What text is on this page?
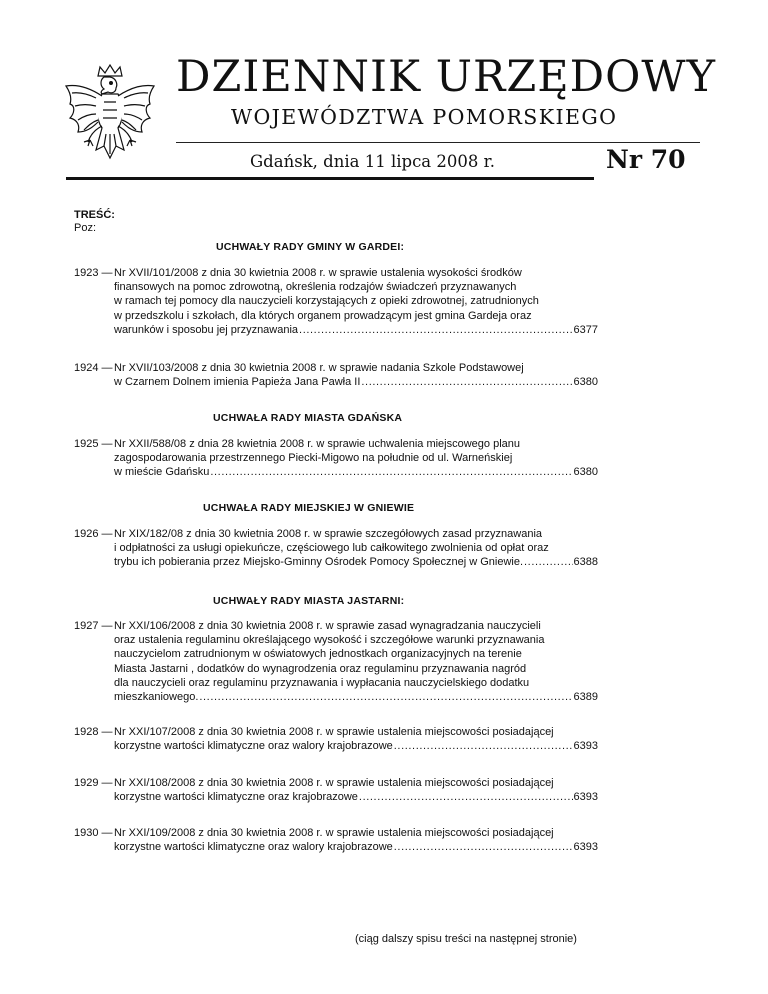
DZIENNIK URZĘDOWY
WOJEWÓDZTWA POMORSKIEGO
Gdańsk, dnia 11 lipca 2008 r.	Nr 70
TREŚĆ:
Poz:
UCHWAŁY RADY GMINY W GARDEI:
1923 — Nr XVII/101/2008 z dnia 30 kwietnia 2008 r. w sprawie ustalenia wysokości środków
finansowych na pomoc zdrowotną, określenia rodzajów świadczeń przyznawanych
w ramach tej pomocy dla nauczycieli korzystających z opieki zdrowotnej, zatrudnionych
w przedszkolu i szkołach, dla których organem prowadzącym jest gmina Gardeja oraz
warunków i sposobu jej przyznawania .....	6377
1924 — Nr XVII/103/2008 z dnia 30 kwietnia 2008 r. w sprawie nadania Szkole Podstawowej
w Czarnem Dolnem imienia Papieża Jana Pawła II .....	6380
UCHWAŁA RADY MIASTA GDAŃSKA
1925 — Nr XXII/588/08 z dnia 28 kwietnia 2008 r. w sprawie uchwalenia miejscowego planu
zagospodarowania przestrzennego Piecki-Migowo na południe od ul. Warneńskiej
w mieście Gdańsku .....	6380
UCHWAŁA RADY MIEJSKIEJ W GNIEWIE
1926 — Nr XIX/182/08 z dnia 30 kwietnia 2008 r. w sprawie szczegółowych zasad przyznawania
i odpłatności za usługi opiekuńcze, częściowego lub całkowitego zwolnienia od opłat oraz
trybu ich pobierania przez Miejsko-Gminny Ośrodek Pomocy Społecznej w Gniewie. .....	6388
UCHWAŁY RADY MIASTA JASTARNI:
1927 — Nr XXI/106/2008 z dnia 30 kwietnia 2008 r. w sprawie zasad wynagradzania nauczycieli
oraz ustalenia regulaminu określającego wysokość i szczegółowe warunki przyznawania
nauczycielom zatrudnionym w oświatowych jednostkach organizacyjnych na terenie
Miasta Jastarni , dodatków do wynagrodzenia oraz regulaminu przyznawania nagród
dla nauczycieli oraz regulaminu przyznawania i wypłacania nauczycielskiego dodatku
mieszkaniowego. .....	6389
1928 — Nr XXI/107/2008 z dnia 30 kwietnia 2008 r. w sprawie ustalenia miejscowości posiadającej
korzystne wartości klimatyczne oraz walory krajobrazowe .....	6393
1929 — Nr XXI/108/2008 z dnia 30 kwietnia 2008 r. w sprawie ustalenia miejscowości posiadającej
korzystne wartości klimatyczne oraz krajobrazowe .....	6393
1930 — Nr XXI/109/2008 z dnia 30 kwietnia 2008 r. w sprawie ustalenia miejscowości posiadającej
korzystne wartości klimatyczne oraz walory krajobrazowe .....	6393
(ciąg dalszy spisu treści na następnej stronie)
